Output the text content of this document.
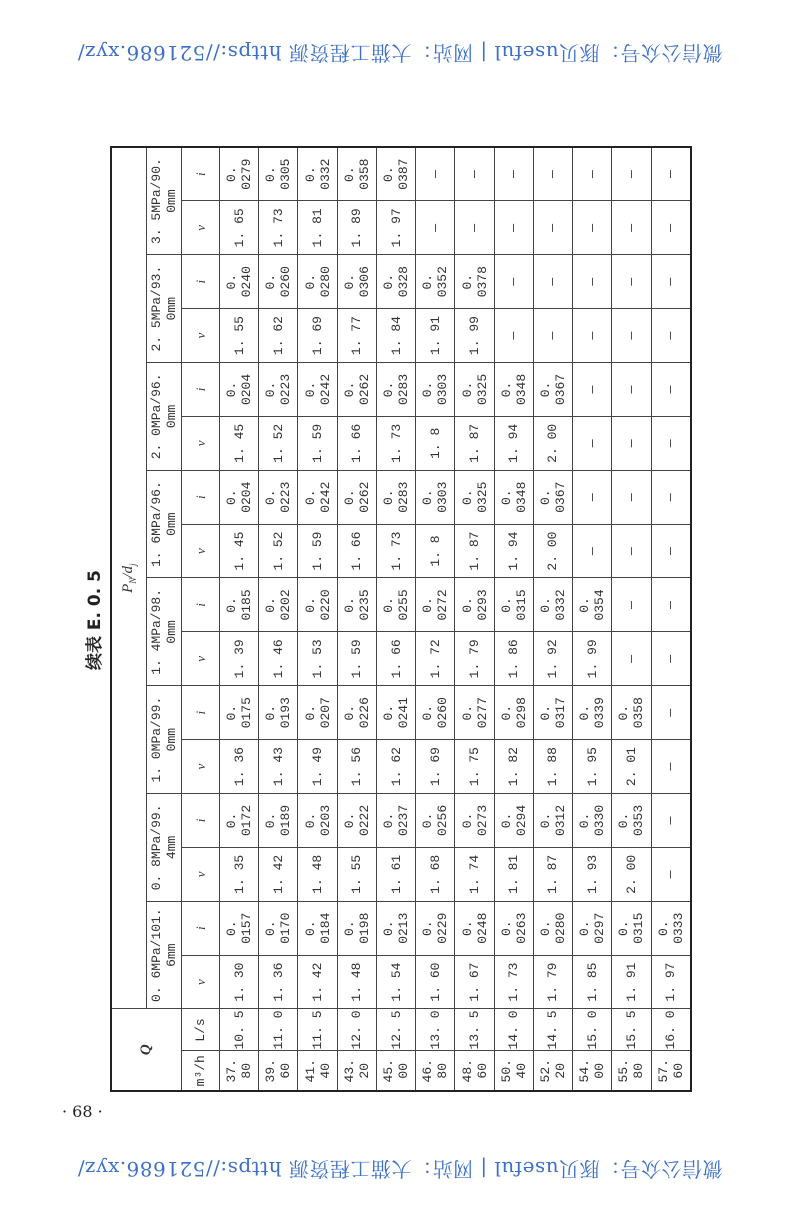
微信公众号：豚贝useful | 网站：大猫工程资源 https://521686.xyz/
续表 E. 0. 5
Q		$P_N/d_j$
		0. 6MPa/101. 6mm		0. 8MPa/99. 4mm		1. 0MPa/99. 0mm		1. 4MPa/98. 0mm		1. 6MPa/96. 0mm		2. 0MPa/96. 0mm		2. 5MPa/93. 0mm		3. 5MPa/90. 0mm	
m³/h	L/s	v	i	v	i	v	i	v	i	v	i	v	i	v	i	v	i
37. 80	10. 5	1. 30	0. 0157	1. 35	0. 0172	1. 36	0. 0175	1. 39	0. 0185	1. 45	0. 0204	1. 45	0. 0204	1. 55	0. 0240	1. 65	0. 0279
39. 60	11. 0	1. 36	0. 0170	1. 42	0. 0189	1. 43	0. 0193	1. 46	0. 0202	1. 52	0. 0223	1. 52	0. 0223	1. 62	0. 0260	1. 73	0. 0305
41. 40	11. 5	1. 42	0. 0184	1. 48	0. 0203	1. 49	0. 0207	1. 53	0. 0220	1. 59	0. 0242	1. 59	0. 0242	1. 69	0. 0280	1. 81	0. 0332
43. 20	12. 0	1. 48	0. 0198	1. 55	0. 0222	1. 56	0. 0226	1. 59	0. 0235	1. 66	0. 0262	1. 66	0. 0262	1. 77	0. 0306	1. 89	0. 0358
45. 00	12. 5	1. 54	0. 0213	1. 61	0. 0237	1. 62	0. 0241	1. 66	0. 0255	1. 73	0. 0283	1. 73	0. 0283	1. 84	0. 0328	1. 97	0. 0387
46. 80	13. 0	1. 60	0. 0229	1. 68	0. 0256	1. 69	0. 0260	1. 72	0. 0272	1. 8	0. 0303	1. 8	0. 0303	1. 91	0. 0352	—	—
48. 60	13. 5	1. 67	0. 0248	1. 74	0. 0273	1. 75	0. 0277	1. 79	0. 0293	1. 87	0. 0325	1. 87	0. 0325	1. 99	0. 0378	—	—
50. 40	14. 0	1. 73	0. 0263	1. 81	0. 0294	1. 82	0. 0298	1. 86	0. 0315	1. 94	0. 0348	1. 94	0. 0348	—	—	—	—
52. 20	14. 5	1. 79	0. 0280	1. 87	0. 0312	1. 88	0. 0317	1. 92	0. 0332	2. 00	0. 0367	2. 00	0. 0367	—	—	—	—
54. 00	15. 0	1. 85	0. 0297	1. 93	0. 0330	1. 95	0. 0339	1. 99	0. 0354	—	—	—	—	—	—	—	—
55. 80	15. 5	1. 91	0. 0315	2. 00	0. 0353	2. 01	0. 0358	—	—	—	—	—	—	—	—	—	—
57. 60	16. 0	1. 97	0. 0333	—	—	—	—	—	—	—	—	—	—	—	—	—	—
· 68 ·
微信公众号：豚贝useful | 网站：大猫工程资源 https://521686.xyz/
